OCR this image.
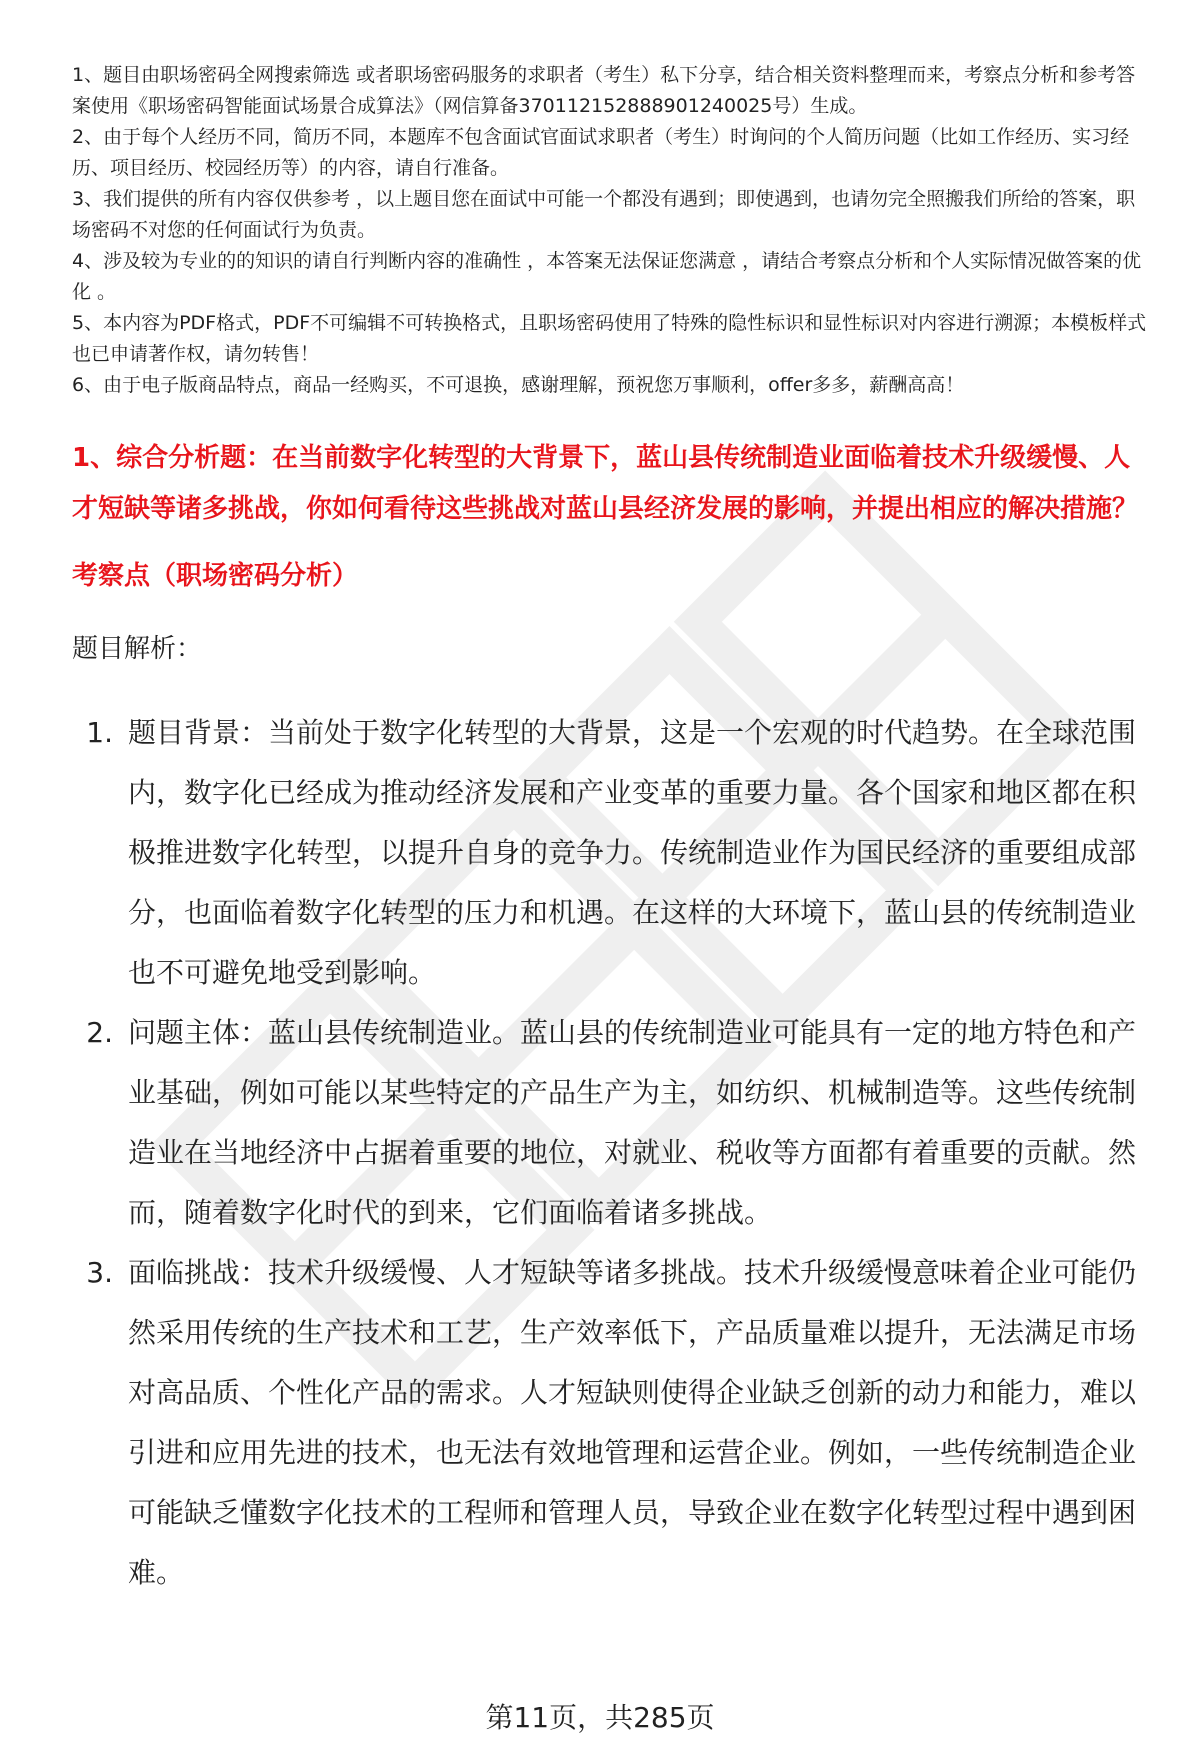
1、题目由职场密码全网搜索筛选 或者职场密码服务的求职者（考生）私下分享，结合相关资料整理而来，考察点分析和参考答案使用《职场密码智能面试场景合成算法》（网信算备370112152888901240025号）生成。

2、由于每个人经历不同，简历不同，本题库不包含面试官面试求职者（考生）时询问的个人简历问题（比如工作经历、实习经历、项目经历、校园经历等）的内容，请自行准备。

3、我们提供的所有内容仅供参考 ，以上题目您在面试中可能一个都没有遇到；即使遇到，也请勿完全照搬我们所给的答案，职场密码不对您的任何面试行为负责。

4、涉及较为专业的的知识的请自行判断内容的准确性 ，本答案无法保证您满意 ，请结合考察点分析和个人实际情况做答案的优化 。

5、本内容为PDF格式，PDF不可编辑不可转换格式，且职场密码使用了特殊的隐性标识和显性标识对内容进行溯源；本模板样式也已申请著作权，请勿转售！

6、由于电子版商品特点，商品一经购买，不可退换，感谢理解，预祝您万事顺利，offer多多，薪酬高高！

1、综合分析题：在当前数字化转型的大背景下，蓝山县传统制造业面临着技术升级缓慢、人才短缺等诸多挑战，你如何看待这些挑战对蓝山县经济发展的影响，并提出相应的解决措施？
考察点（职场密码分析）
题目解析：
1. 题目背景：当前处于数字化转型的大背景，这是一个宏观的时代趋势。在全球范围内，数字化已经成为推动经济发展和产业变革的重要力量。各个国家和地区都在积极推进数字化转型，以提升自身的竞争力。传统制造业作为国民经济的重要组成部分，也面临着数字化转型的压力和机遇。在这样的大环境下，蓝山县的传统制造业也不可避免地受到影响。
2. 问题主体：蓝山县传统制造业。蓝山县的传统制造业可能具有一定的地方特色和产业基础，例如可能以某些特定的产品生产为主，如纺织、机械制造等。这些传统制造业在当地经济中占据着重要的地位，对就业、税收等方面都有着重要的贡献。然而，随着数字化时代的到来，它们面临着诸多挑战。
3. 面临挑战：技术升级缓慢、人才短缺等诸多挑战。技术升级缓慢意味着企业可能仍然采用传统的生产技术和工艺，生产效率低下，产品质量难以提升，无法满足市场对高品质、个性化产品的需求。人才短缺则使得企业缺乏创新的动力和能力，难以引进和应用先进的技术，也无法有效地管理和运营企业。例如，一些传统制造企业可能缺乏懂数字化技术的工程师和管理人员，导致企业在数字化转型过程中遇到困难。
第11页，共285页
